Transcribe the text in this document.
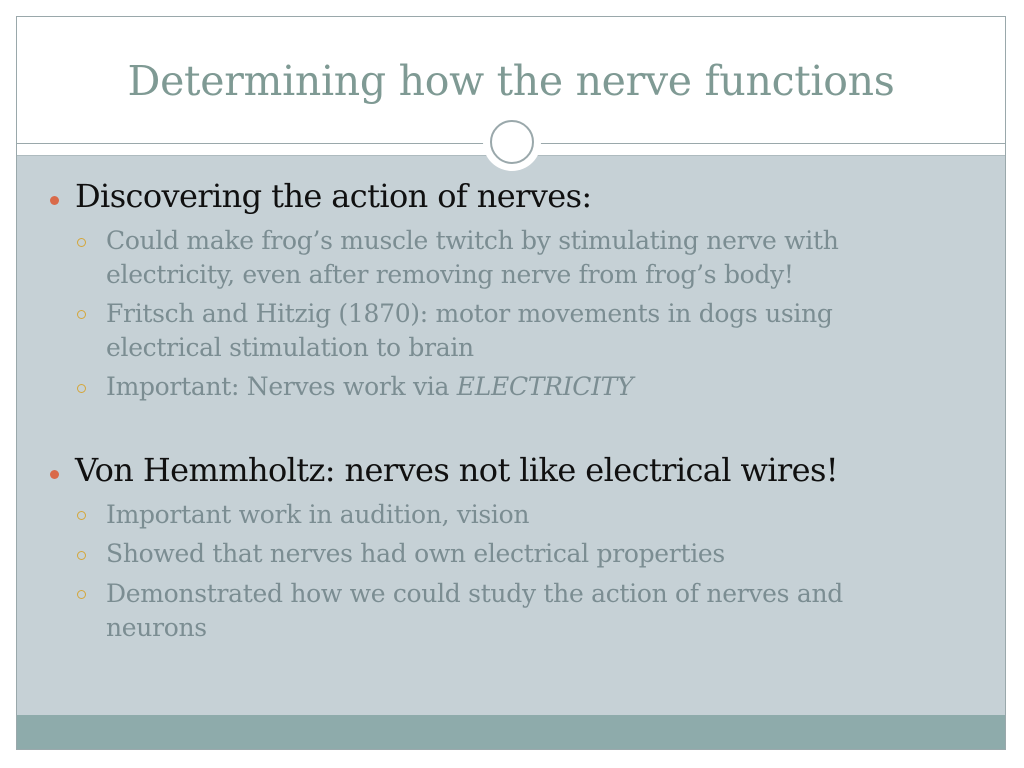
Determining how the nerve functions
Discovering the action of nerves:
Could make frog’s muscle twitch by stimulating nerve with
electricity, even after removing nerve from frog’s body!
Fritsch and Hitzig (1870): motor movements in dogs using
electrical stimulation to brain
Important: Nerves work via ELECTRICITY
Von Hemmholtz: nerves not like electrical wires!
Important work in audition, vision
Showed that nerves had own electrical properties
Demonstrated how we could study the action of nerves and
neurons
